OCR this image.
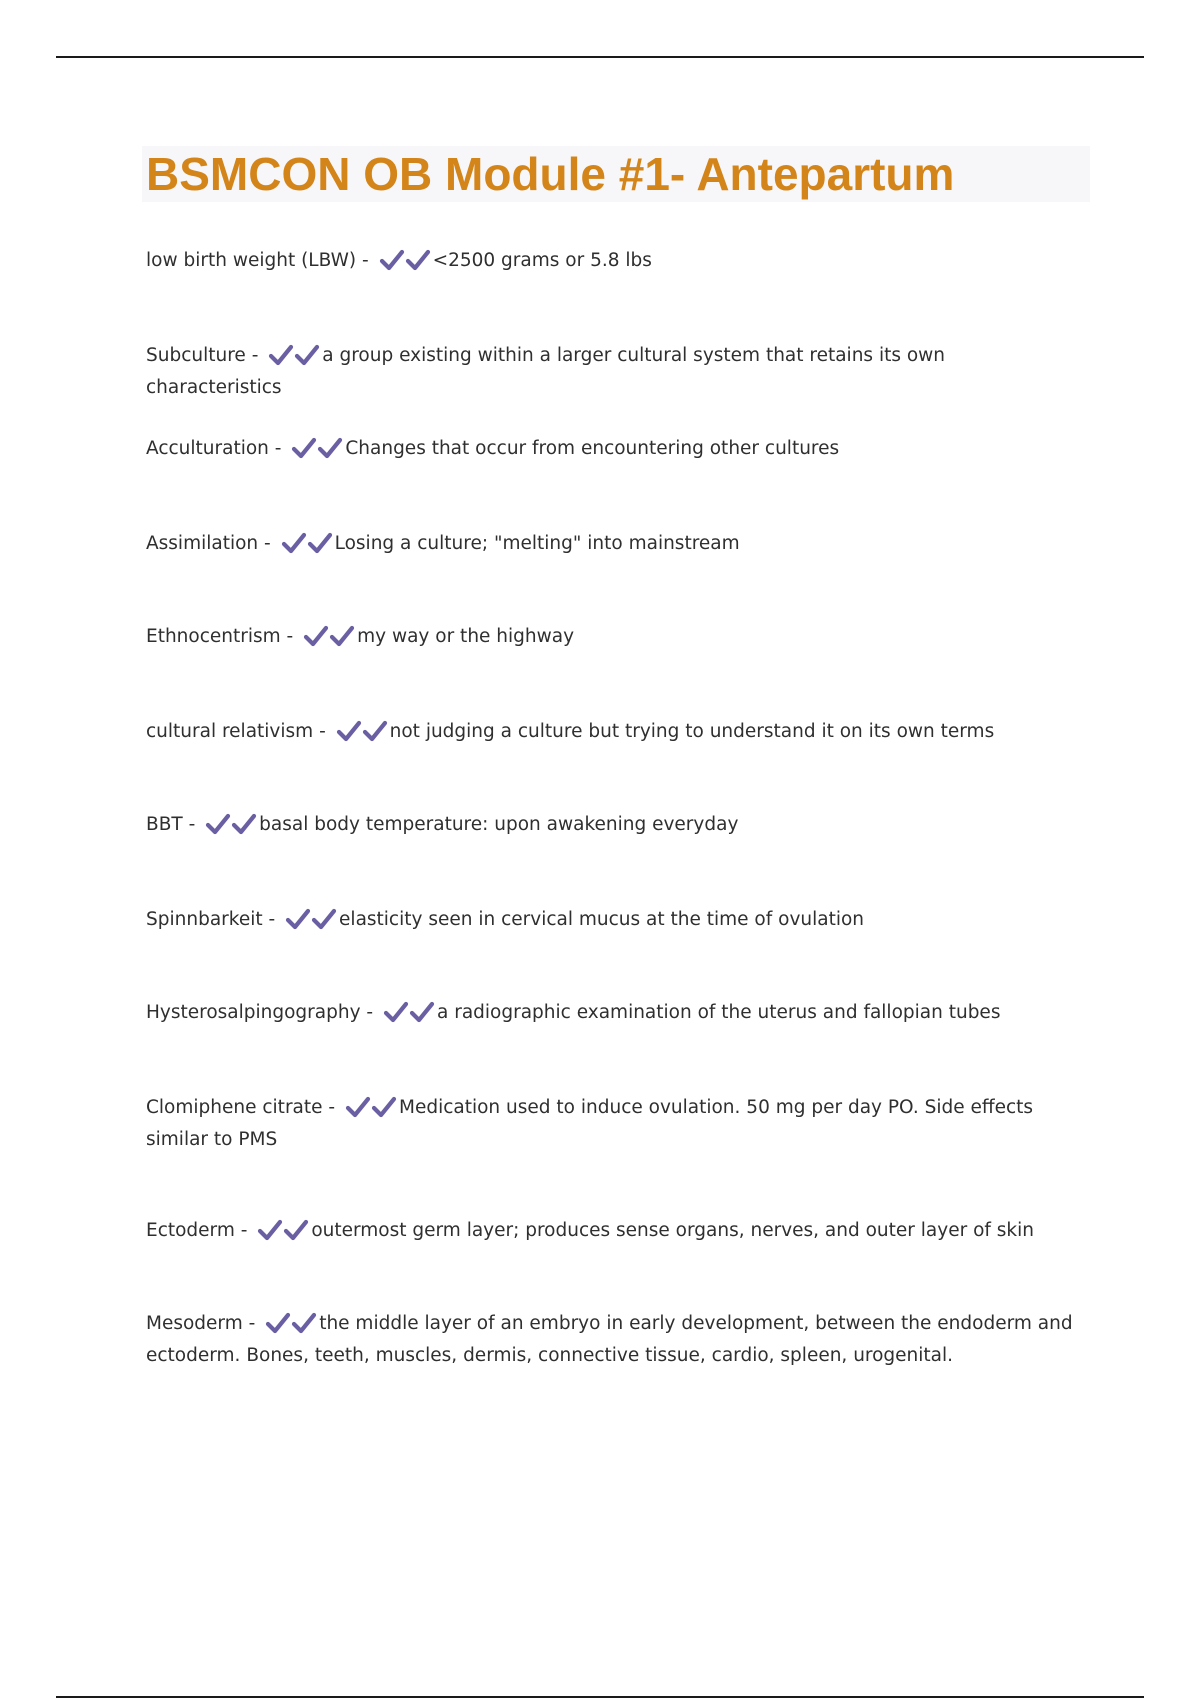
BSMCON OB Module #1- Antepartum
low birth weight (LBW) -	<2500 grams or 5.8 lbs
Subculture -	a group existing within a larger cultural system that retains its own characteristics
Acculturation -	Changes that occur from encountering other cultures
Assimilation -	Losing a culture; "melting" into mainstream
Ethnocentrism -	my way or the highway
cultural relativism -	not judging a culture but trying to understand it on its own terms
BBT -	basal body temperature: upon awakening everyday
Spinnbarkeit -	elasticity seen in cervical mucus at the time of ovulation
Hysterosalpingography -	a radiographic examination of the uterus and fallopian tubes
Clomiphene citrate -	Medication used to induce ovulation. 50 mg per day PO. Side effects similar to PMS
Ectoderm -	outermost germ layer; produces sense organs, nerves, and outer layer of skin
Mesoderm -	the middle layer of an embryo in early development, between the endoderm and ectoderm. Bones, teeth, muscles, dermis, connective tissue, cardio, spleen, urogenital.
